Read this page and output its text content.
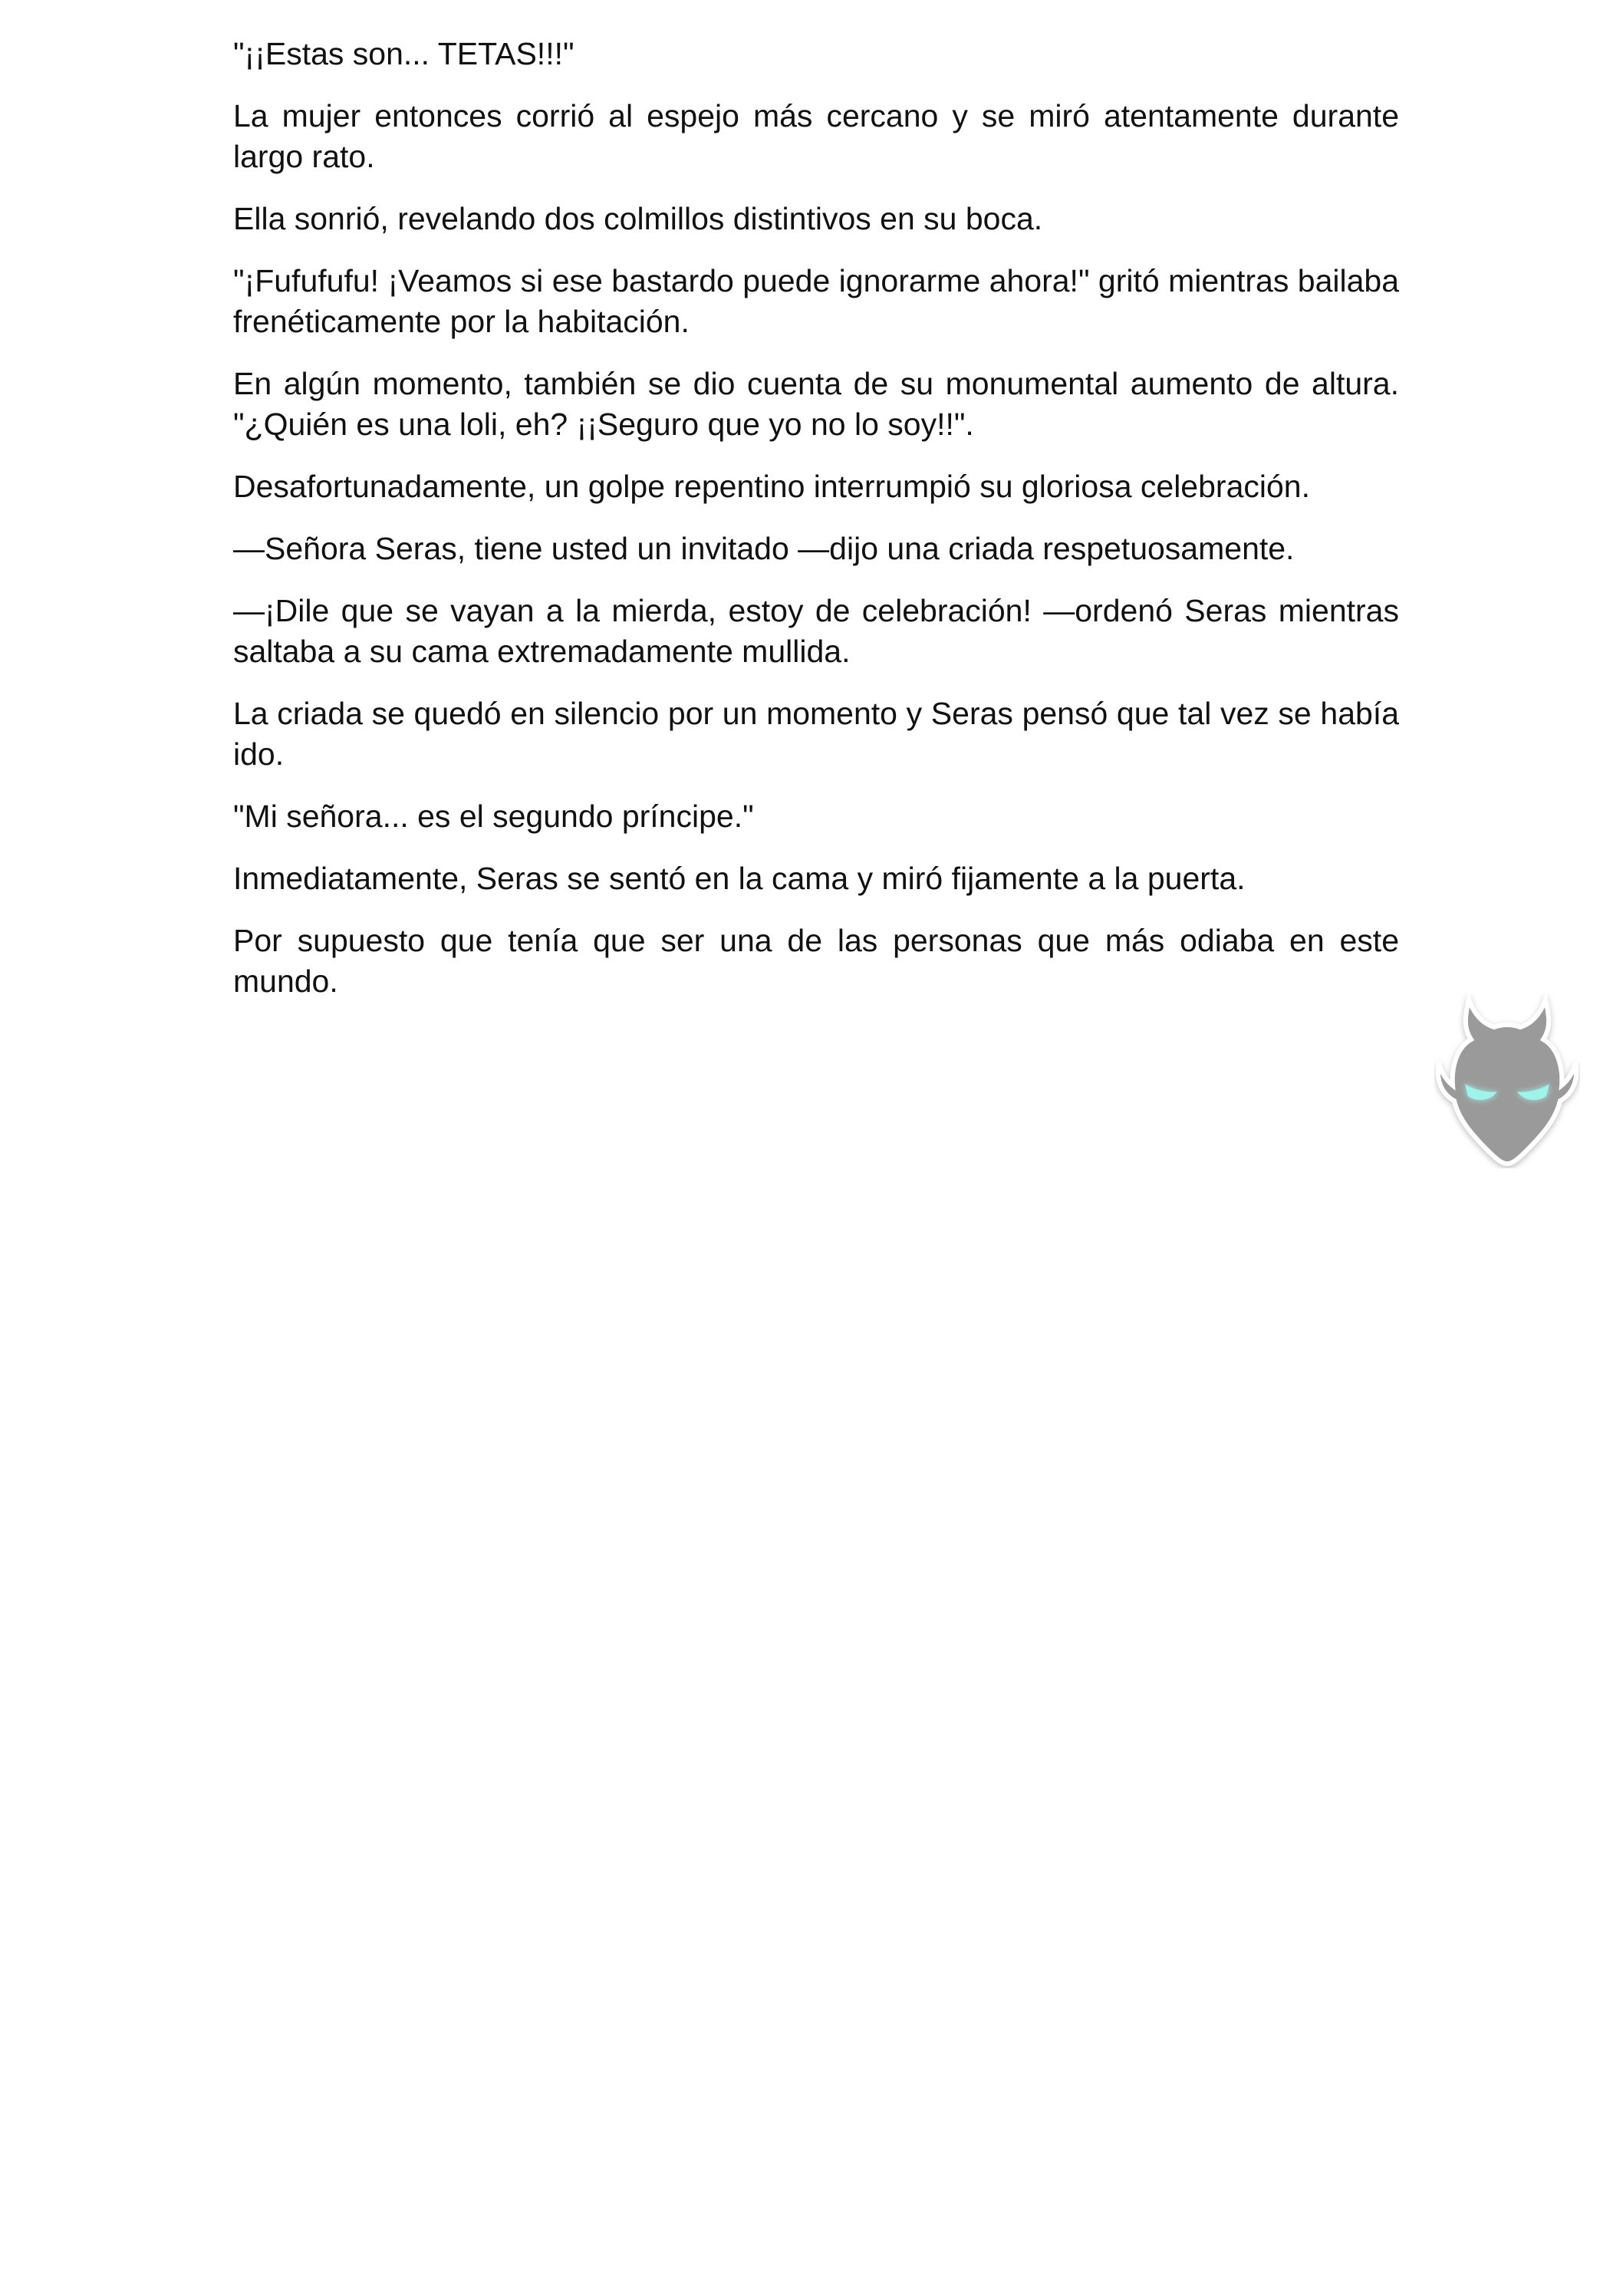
"¡¡Estas son... TETAS!!!"

La mujer entonces corrió al espejo más cercano y se miró atentamente durante largo rato.

Ella sonrió, revelando dos colmillos distintivos en su boca.

"¡Fufufufu! ¡Veamos si ese bastardo puede ignorarme ahora!" gritó mientras bailaba frenéticamente por la habitación.

En algún momento, también se dio cuenta de su monumental aumento de altura. "¿Quién es una loli, eh? ¡¡Seguro que yo no lo soy!!".

Desafortunadamente, un golpe repentino interrumpió su gloriosa celebración.

—Señora Seras, tiene usted un invitado —dijo una criada respetuosamente.

—¡Dile que se vayan a la mierda, estoy de celebración! —ordenó Seras mientras saltaba a su cama extremadamente mullida.

La criada se quedó en silencio por un momento y Seras pensó que tal vez se había ido.

"Mi señora... es el segundo príncipe."

Inmediatamente, Seras se sentó en la cama y miró fijamente a la puerta.

Por supuesto que tenía que ser una de las personas que más odiaba en este mundo.
